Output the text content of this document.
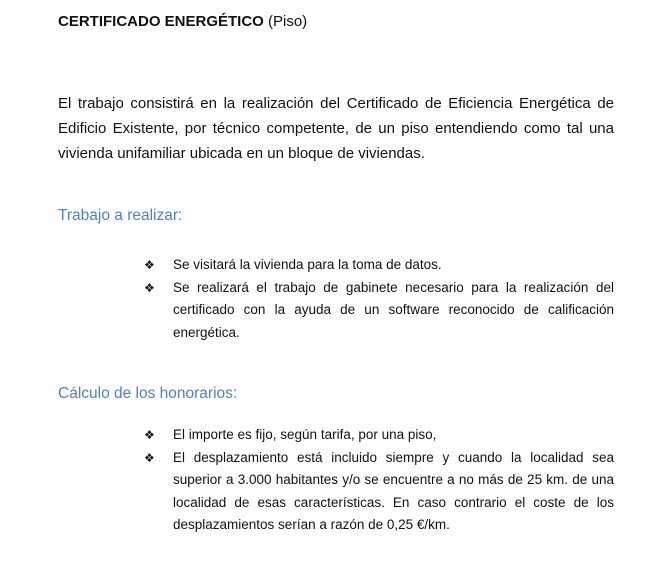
CERTIFICADO ENERGÉTICO (Piso)
El trabajo consistirá en la realización del Certificado de Eficiencia Energética de Edificio Existente, por técnico competente, de un piso entendiendo como tal una vivienda unifamiliar ubicada en un bloque de viviendas.
Trabajo a realizar:
❖	Se visitará la vivienda para la toma de datos.
❖	Se realizará el trabajo de gabinete necesario para la realización del certificado con la ayuda de un software reconocido de calificación energética.
Cálculo de los honorarios:
❖	El importe es fijo, según tarifa, por una piso,
❖	El desplazamiento está incluido siempre y cuando la localidad sea superior a 3.000 habitantes y/o se encuentre a no más de 25 km. de una localidad de esas características. En caso contrario el coste de los desplazamientos serían a razón de 0,25 €/km.
